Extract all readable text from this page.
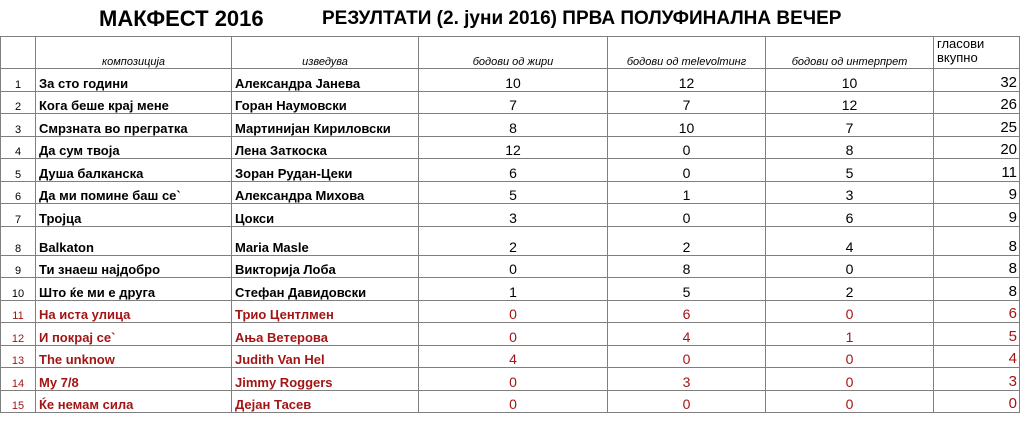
МАКФЕСТ 2016	РЕЗУЛТАТИ (2. јуни 2016) ПРВА ПОЛУФИНАЛНА ВЕЧЕР
	композиција	изведува	бодови од жири	бодови од тelevolтинг	бодови од интерпрет	гласови вкупно
1	За сто години	Александра Јанева	10	12	10	32
2	Кога беше крај мене	Горан Наумовски	7	7	12	26
3	Смрзната во прегратка	Мартинијан Кириловски	8	10	7	25
4	Да сум твоја	Лена Заткоска	12	0	8	20
5	Душа балканска	Зоран Рудан-Цеки	6	0	5	11
6	Да ми помине баш се`	Александра Михова	5	1	3	9
7	Тројца	Цокси	3	0	6	9
8	Balkaton	Maria Masle	2	2	4	8
9	Ти знаеш најдобро	Викторија Лоба	0	8	0	8
10	Што ќе ми е друга	Стефан Давидовски	1	5	2	8
11	На иста улица	Трио Центлмен	0	6	0	6
12	И покрај се`	Ања Ветерова	0	4	1	5
13	The unknow	Judith Van Hel	4	0	0	4
14	My 7/8	Jimmy Roggers	0	3	0	3
15	Ќе немам сила	Дејан Тасев	0	0	0	0
